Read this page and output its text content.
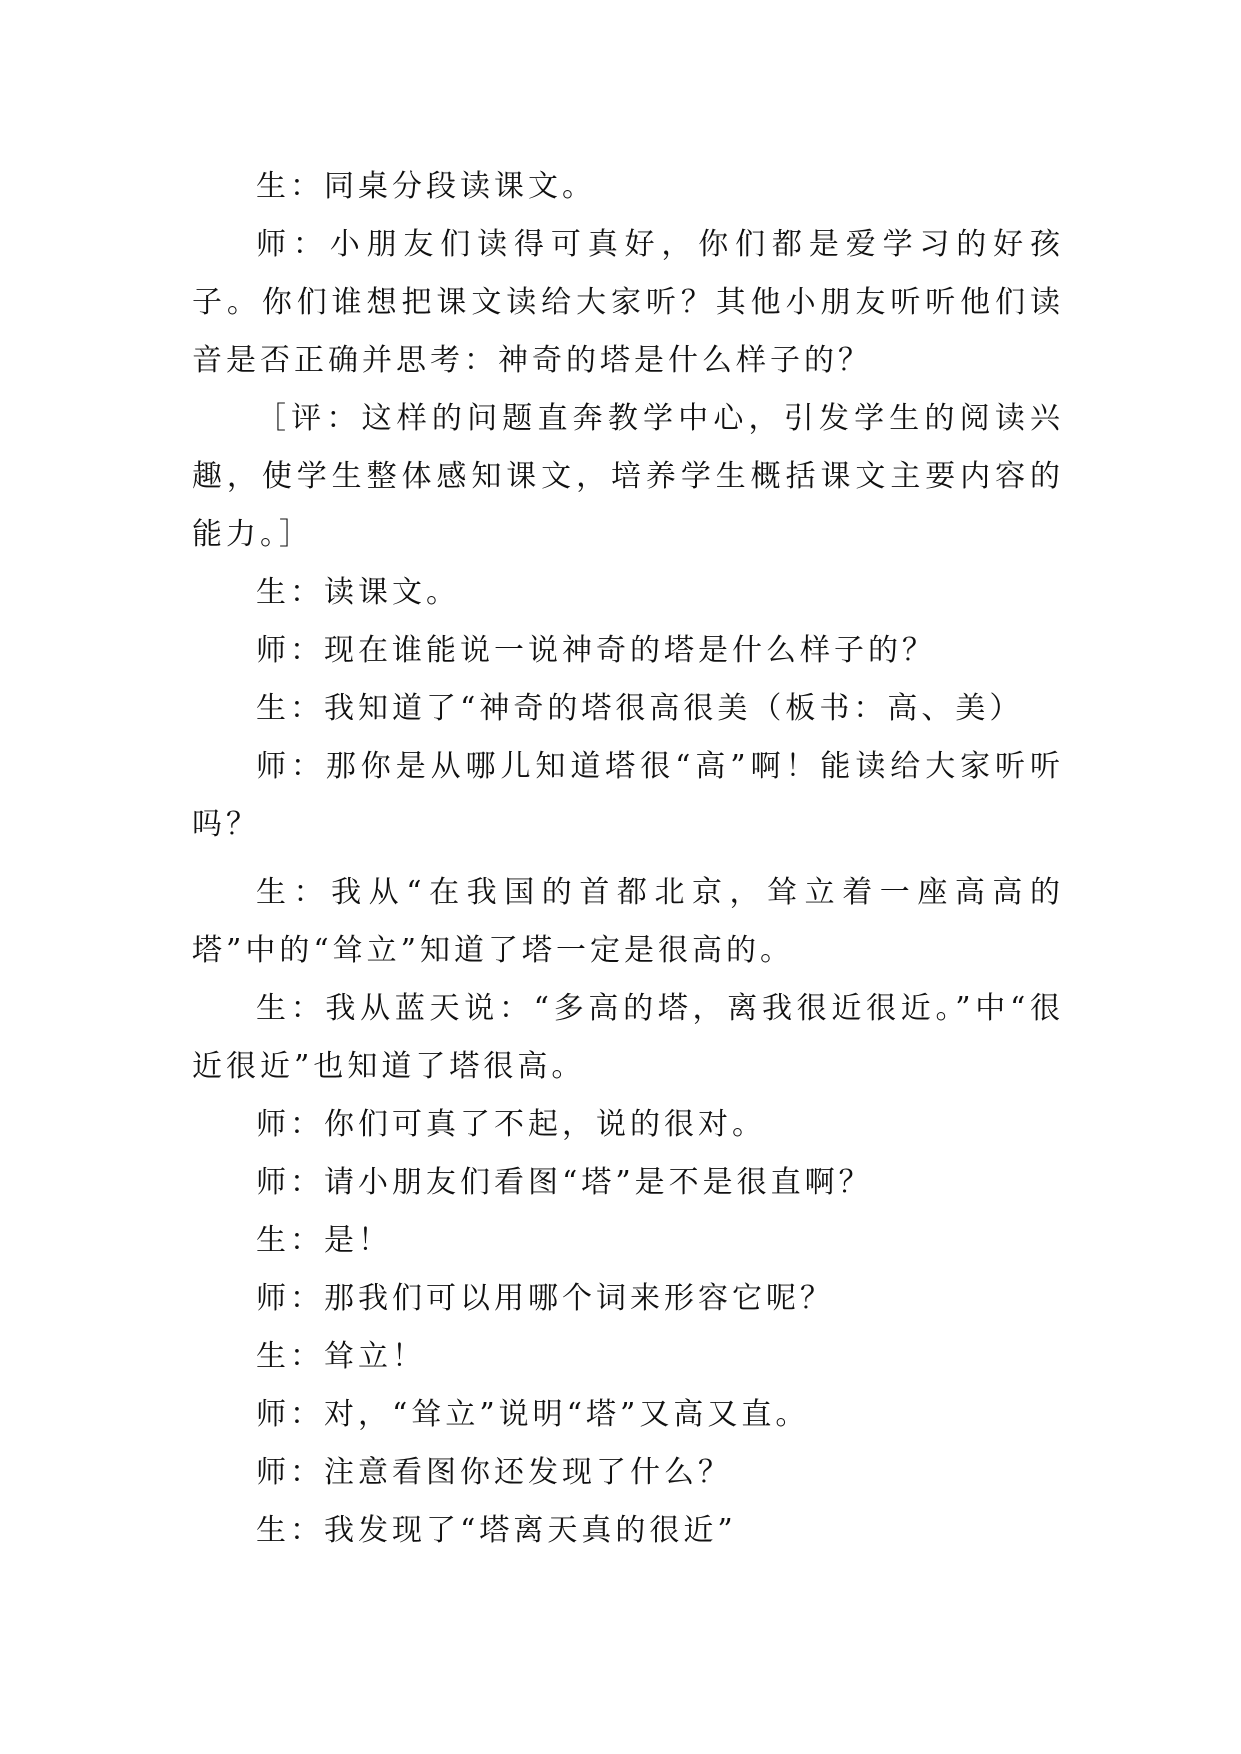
生：同桌分段读课文。

师：小朋友们读得可真好，你们都是爱学习的好孩子。你们谁想把课文读给大家听？其他小朋友听听他们读音是否正确并思考：神奇的塔是什么样子的？

［评：这样的问题直奔教学中心，引发学生的阅读兴趣，使学生整体感知课文，培养学生概括课文主要内容的能力。］

生：读课文。

师：现在谁能说一说神奇的塔是什么样子的？

生：我知道了“神奇的塔很高很美（板书：高、美）

师：那你是从哪儿知道塔很“高”啊！能读给大家听听吗？

生：我从“在我国的首都北京，耸立着一座高高的塔”中的“耸立”知道了塔一定是很高的。

生：我从蓝天说：“多高的塔，离我很近很近。”中“很近很近”也知道了塔很高。

师：你们可真了不起，说的很对。

师：请小朋友们看图“塔”是不是很直啊？

生：是！

师：那我们可以用哪个词来形容它呢？

生：耸立！

师：对，“耸立”说明“塔”又高又直。

师：注意看图你还发现了什么？

生：我发现了“塔离天真的很近”
